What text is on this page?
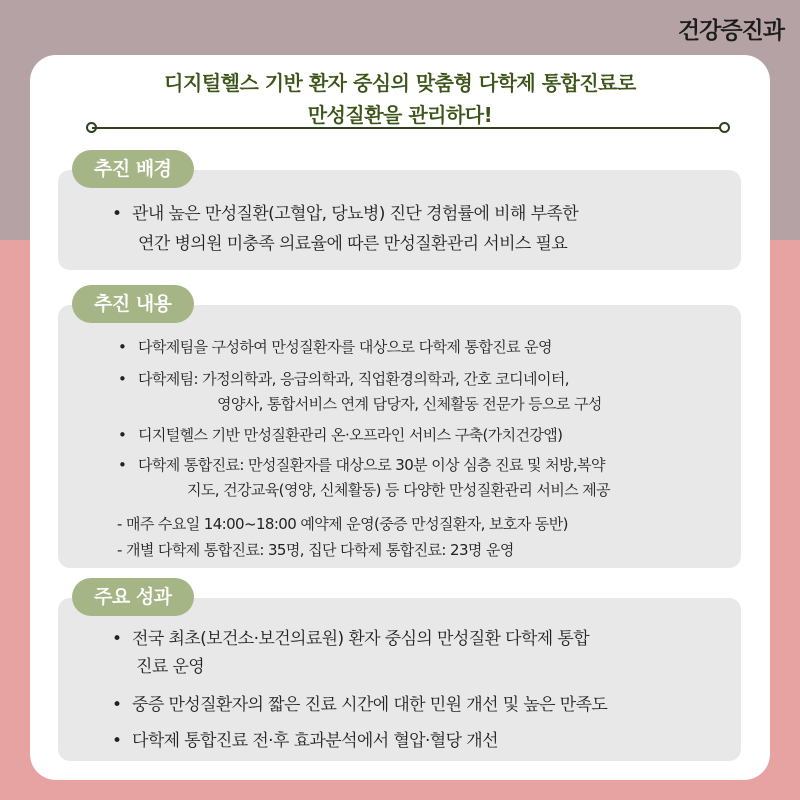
건강증진과
디지털헬스 기반 환자 중심의 맞춤형 다학제 통합진료로
만성질환을 관리하다!
추진 배경
• 관내 높은 만성질환(고혈압, 당뇨병) 진단 경험률에 비해 부족한
연간 병의원 미충족 의료율에 따른 만성질환관리 서비스 필요
추진 내용
• 다학제팀을 구성하여 만성질환자를 대상으로 다학제 통합진료 운영
• 다학제팀: 가정의학과, 응급의학과, 직업환경의학과, 간호 코디네이터,
영양사, 통합서비스 연계 담당자, 신체활동 전문가 등으로 구성
• 디지털헬스 기반 만성질환관리 온·오프라인 서비스 구축(가치건강앱)
• 다학제 통합진료: 만성질환자를 대상으로 30분 이상 심층 진료 및 처방,복약
지도, 건강교육(영양, 신체활동) 등 다양한 만성질환관리 서비스 제공
- 매주 수요일 14:00~18:00 예약제 운영(중증 만성질환자, 보호자 동반)
- 개별 다학제 통합진료: 35명, 집단 다학제 통합진료: 23명 운영
주요 성과
• 전국 최초(보건소·보건의료원) 환자 중심의 만성질환 다학제 통합
진료 운영
• 중증 만성질환자의 짧은 진료 시간에 대한 민원 개선 및 높은 만족도
• 다학제 통합진료 전·후 효과분석에서 혈압·혈당 개선
